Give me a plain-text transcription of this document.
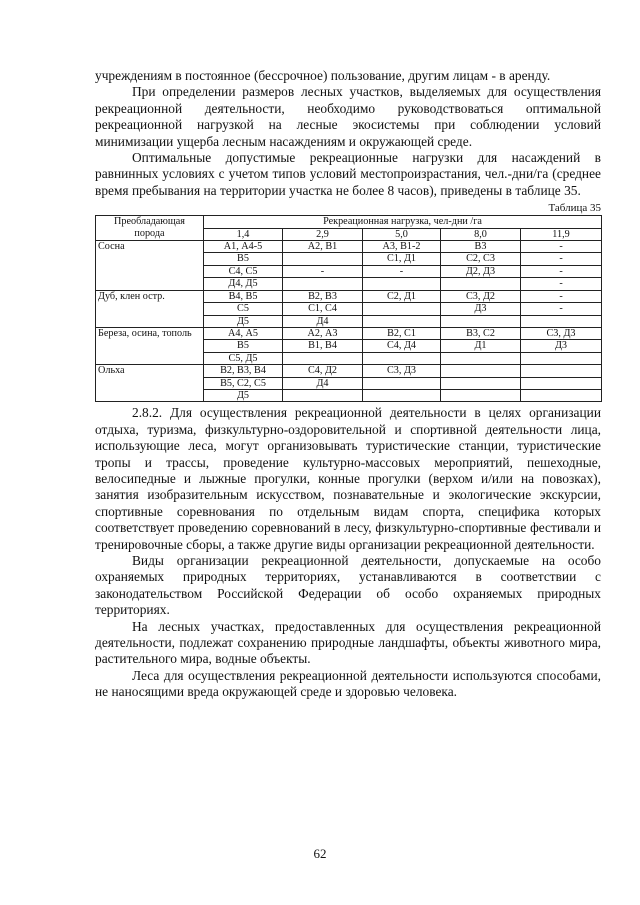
учреждениям в постоянное (бессрочное) пользование, другим лицам - в аренду.

При определении размеров лесных участков, выделяемых для осуществления рекреационной деятельности, необходимо руководствоваться оптимальной рекреационной нагрузкой на лесные экосистемы при соблюдении условий минимизации ущерба лесным насаждениям и окружающей среде.

Оптимальные допустимые рекреационные нагрузки для насаждений в равнинных условиях с учетом типов условий местопроизрастания, чел.-дни/га (среднее время пребывания на территории участка не более 8 часов), приведены в таблице 35.

Таблица 35
Преобладающая порода	Рекреационная нагрузка, чел-дни /га				
	1,4	2,9	5,0	8,0	11,9
Сосна	А1, А4-5	А2, В1	А3, В1-2	В3	-
	В5		С1, Д1	С2, С3	-
	С4, С5	-	-	Д2, Д3	-
	Д4, Д5				-
Дуб, клен остр.	В4, В5	В2, В3	С2, Д1	С3, Д2	-
	С5	С1, С4		Д3	-
	Д5	Д4			
Береза, осина, тополь	А4, А5	А2, А3	В2, С1	В3, С2	С3, Д3
	В5	В1, В4	С4, Д4	Д1	Д3
	С5, Д5				
Ольха	В2, В3, В4	С4, Д2	С3, Д3		
	В5, С2, С5	Д4			
	Д5				

2.8.2. Для осуществления рекреационной деятельности в целях организации отдыха, туризма, физкультурно-оздоровительной и спортивной деятельности лица, использующие леса, могут организовывать туристические станции, туристические тропы и трассы, проведение культурно-массовых мероприятий, пешеходные, велосипедные и лыжные прогулки, конные прогулки (верхом и/или на повозках), занятия изобразительным искусством, познавательные и экологические экскурсии, спортивные соревнования по отдельным видам спорта, специфика которых соответствует проведению соревнований в лесу, физкультурно-спортивные фестивали и тренировочные сборы, а также другие виды организации рекреационной деятельности.

Виды организации рекреационной деятельности, допускаемые на особо охраняемых природных территориях, устанавливаются в соответствии с законодательством Российской Федерации об особо охраняемых природных территориях.

На лесных участках, предоставленных для осуществления рекреационной деятельности, подлежат сохранению природные ландшафты, объекты животного мира, растительного мира, водные объекты.

Леса для осуществления рекреационной деятельности используются способами, не наносящими вреда окружающей среде и здоровью человека.

62
